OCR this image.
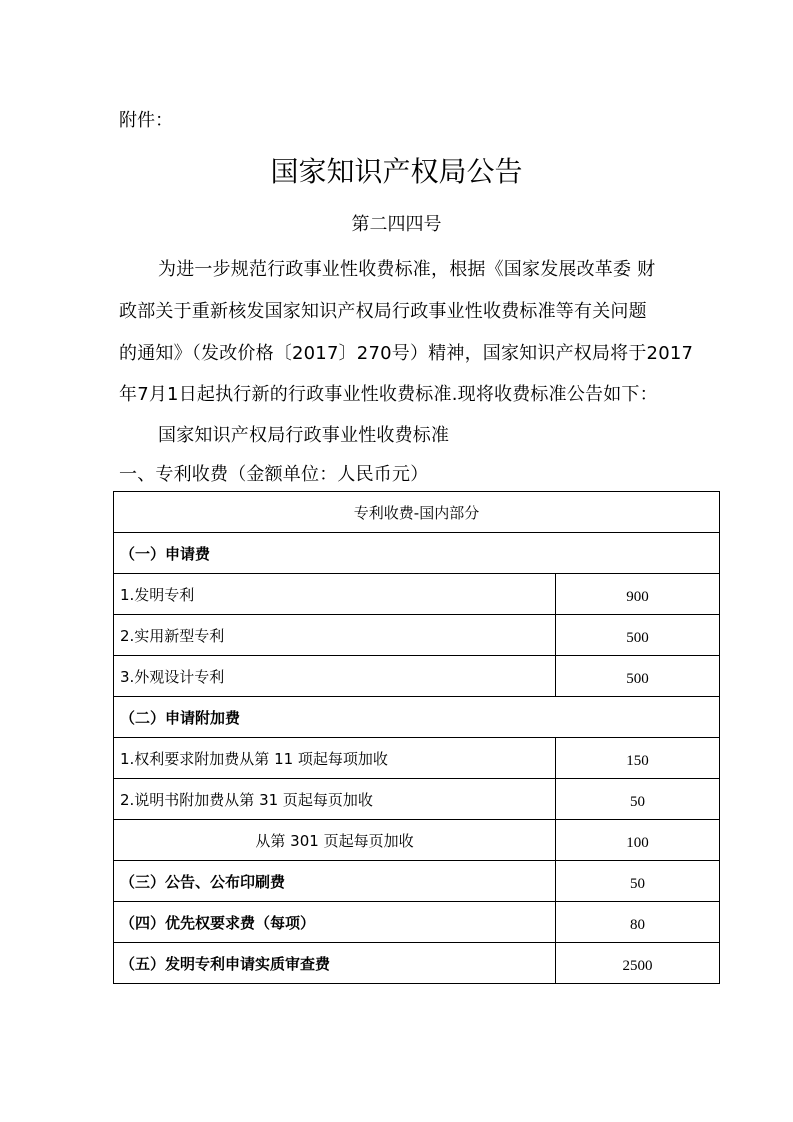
附件：
国家知识产权局公告
第二四四号
为进一步规范行政事业性收费标准，根据《国家发展改革委 财
政部关于重新核发国家知识产权局行政事业性收费标准等有关问题
的通知》（发改价格〔2017〕270号）精神，国家知识产权局将于2017
年7月1日起执行新的行政事业性收费标准.现将收费标准公告如下：
国家知识产权局行政事业性收费标准
一、专利收费（金额单位：人民币元）
专利收费-国内部分	
（一）申请费	
1.发明专利	900
2.实用新型专利	500
3.外观设计专利	500
（二）申请附加费	
1.权利要求附加费从第 11 项起每项加收	150
2.说明书附加费从第 31 页起每页加收	50
从第 301 页起每页加收	100
（三）公告、公布印刷费	50
（四）优先权要求费（每项）	80
（五）发明专利申请实质审查费	2500
